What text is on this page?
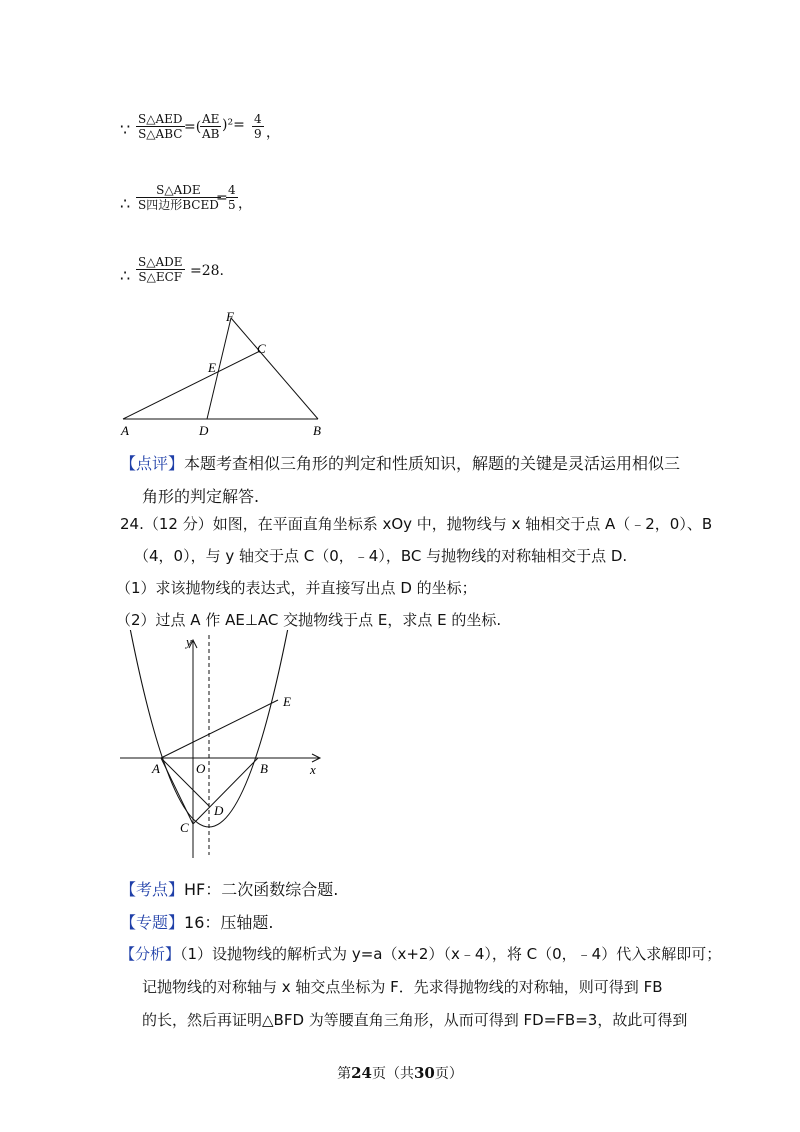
∵
S△AED
S△ABC =(
$\frac{AE}{AB} )^2= \frac{4}{9}$ ，
∴
S△ADE
S四边形BCED
=
$\frac{4}{5}$ ，
∴
S△ADE
S△ECF =28.
F
C
E
A	D	B
【点评】本题考查相似三角形的判定和性质知识，解题的关键是灵活运用相似三
角形的判定解答.
24.（12 分）如图，在平面直角坐标系 xOy 中，抛物线与 x 轴相交于点 A（﹣2，0）、B
（4，0），与 y 轴交于点 C（0，﹣4），BC 与抛物线的对称轴相交于点 D.
（1）求该抛物线的表达式，并直接写出点 D 的坐标；
（2）过点 A 作 AE⊥AC 交抛物线于点 E，求点 E 的坐标.
y
x
O
A	B
C
D
E
【考点】HF：二次函数综合题.
【专题】16：压轴题.
【分析】（1）设抛物线的解析式为 y=a（x+2）（x﹣4），将 C（0，﹣4）代入求解即可；
记抛物线的对称轴与 x 轴交点坐标为 F．先求得抛物线的对称轴，则可得到 FB
的长，然后再证明△BFD 为等腰直角三角形，从而可得到 FD=FB=3，故此可得到
第24页（共30页）
